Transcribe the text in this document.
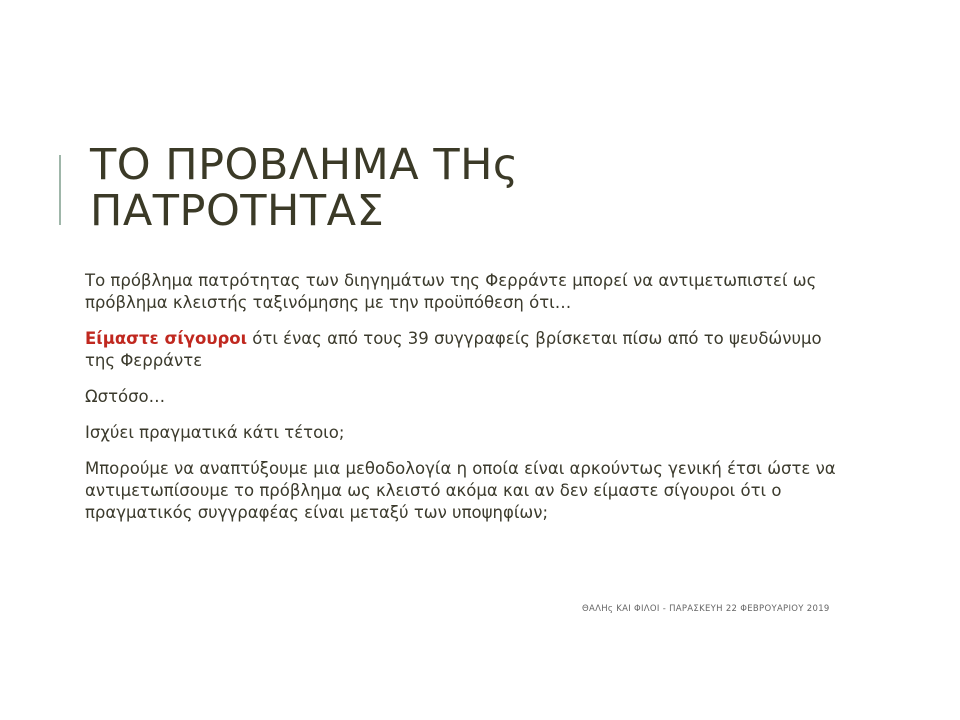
ΤΟ ΠΡΟΒΛΗΜΑ ΤΗς
ΠΑΤΡΟΤΗΤΑΣ

Το πρόβλημα πατρότητας των διηγημάτων της Φερράντε μπορεί να αντιμετωπιστεί ως πρόβλημα κλειστής ταξινόμησης με την προϋπόθεση ότι…

Είμαστε σίγουροι ότι ένας από τους 39 συγγραφείς βρίσκεται πίσω από το ψευδώνυμο της Φερράντε

Ωστόσο…

Ισχύει πραγματικά κάτι τέτοιο;

Μπορούμε να αναπτύξουμε μια μεθοδολογία η οποία είναι αρκούντως γενική έτσι ώστε να αντιμετωπίσουμε το πρόβλημα ως κλειστό ακόμα και αν δεν είμαστε σίγουροι ότι ο πραγματικός συγγραφέας είναι μεταξύ των υποψηφίων;

ΘΑΛΗς ΚΑΙ ΦΙΛΟΙ - ΠΑΡΑΣΚΕΥΗ 22 ΦΕΒΡΟΥΑΡΙΟΥ 2019
